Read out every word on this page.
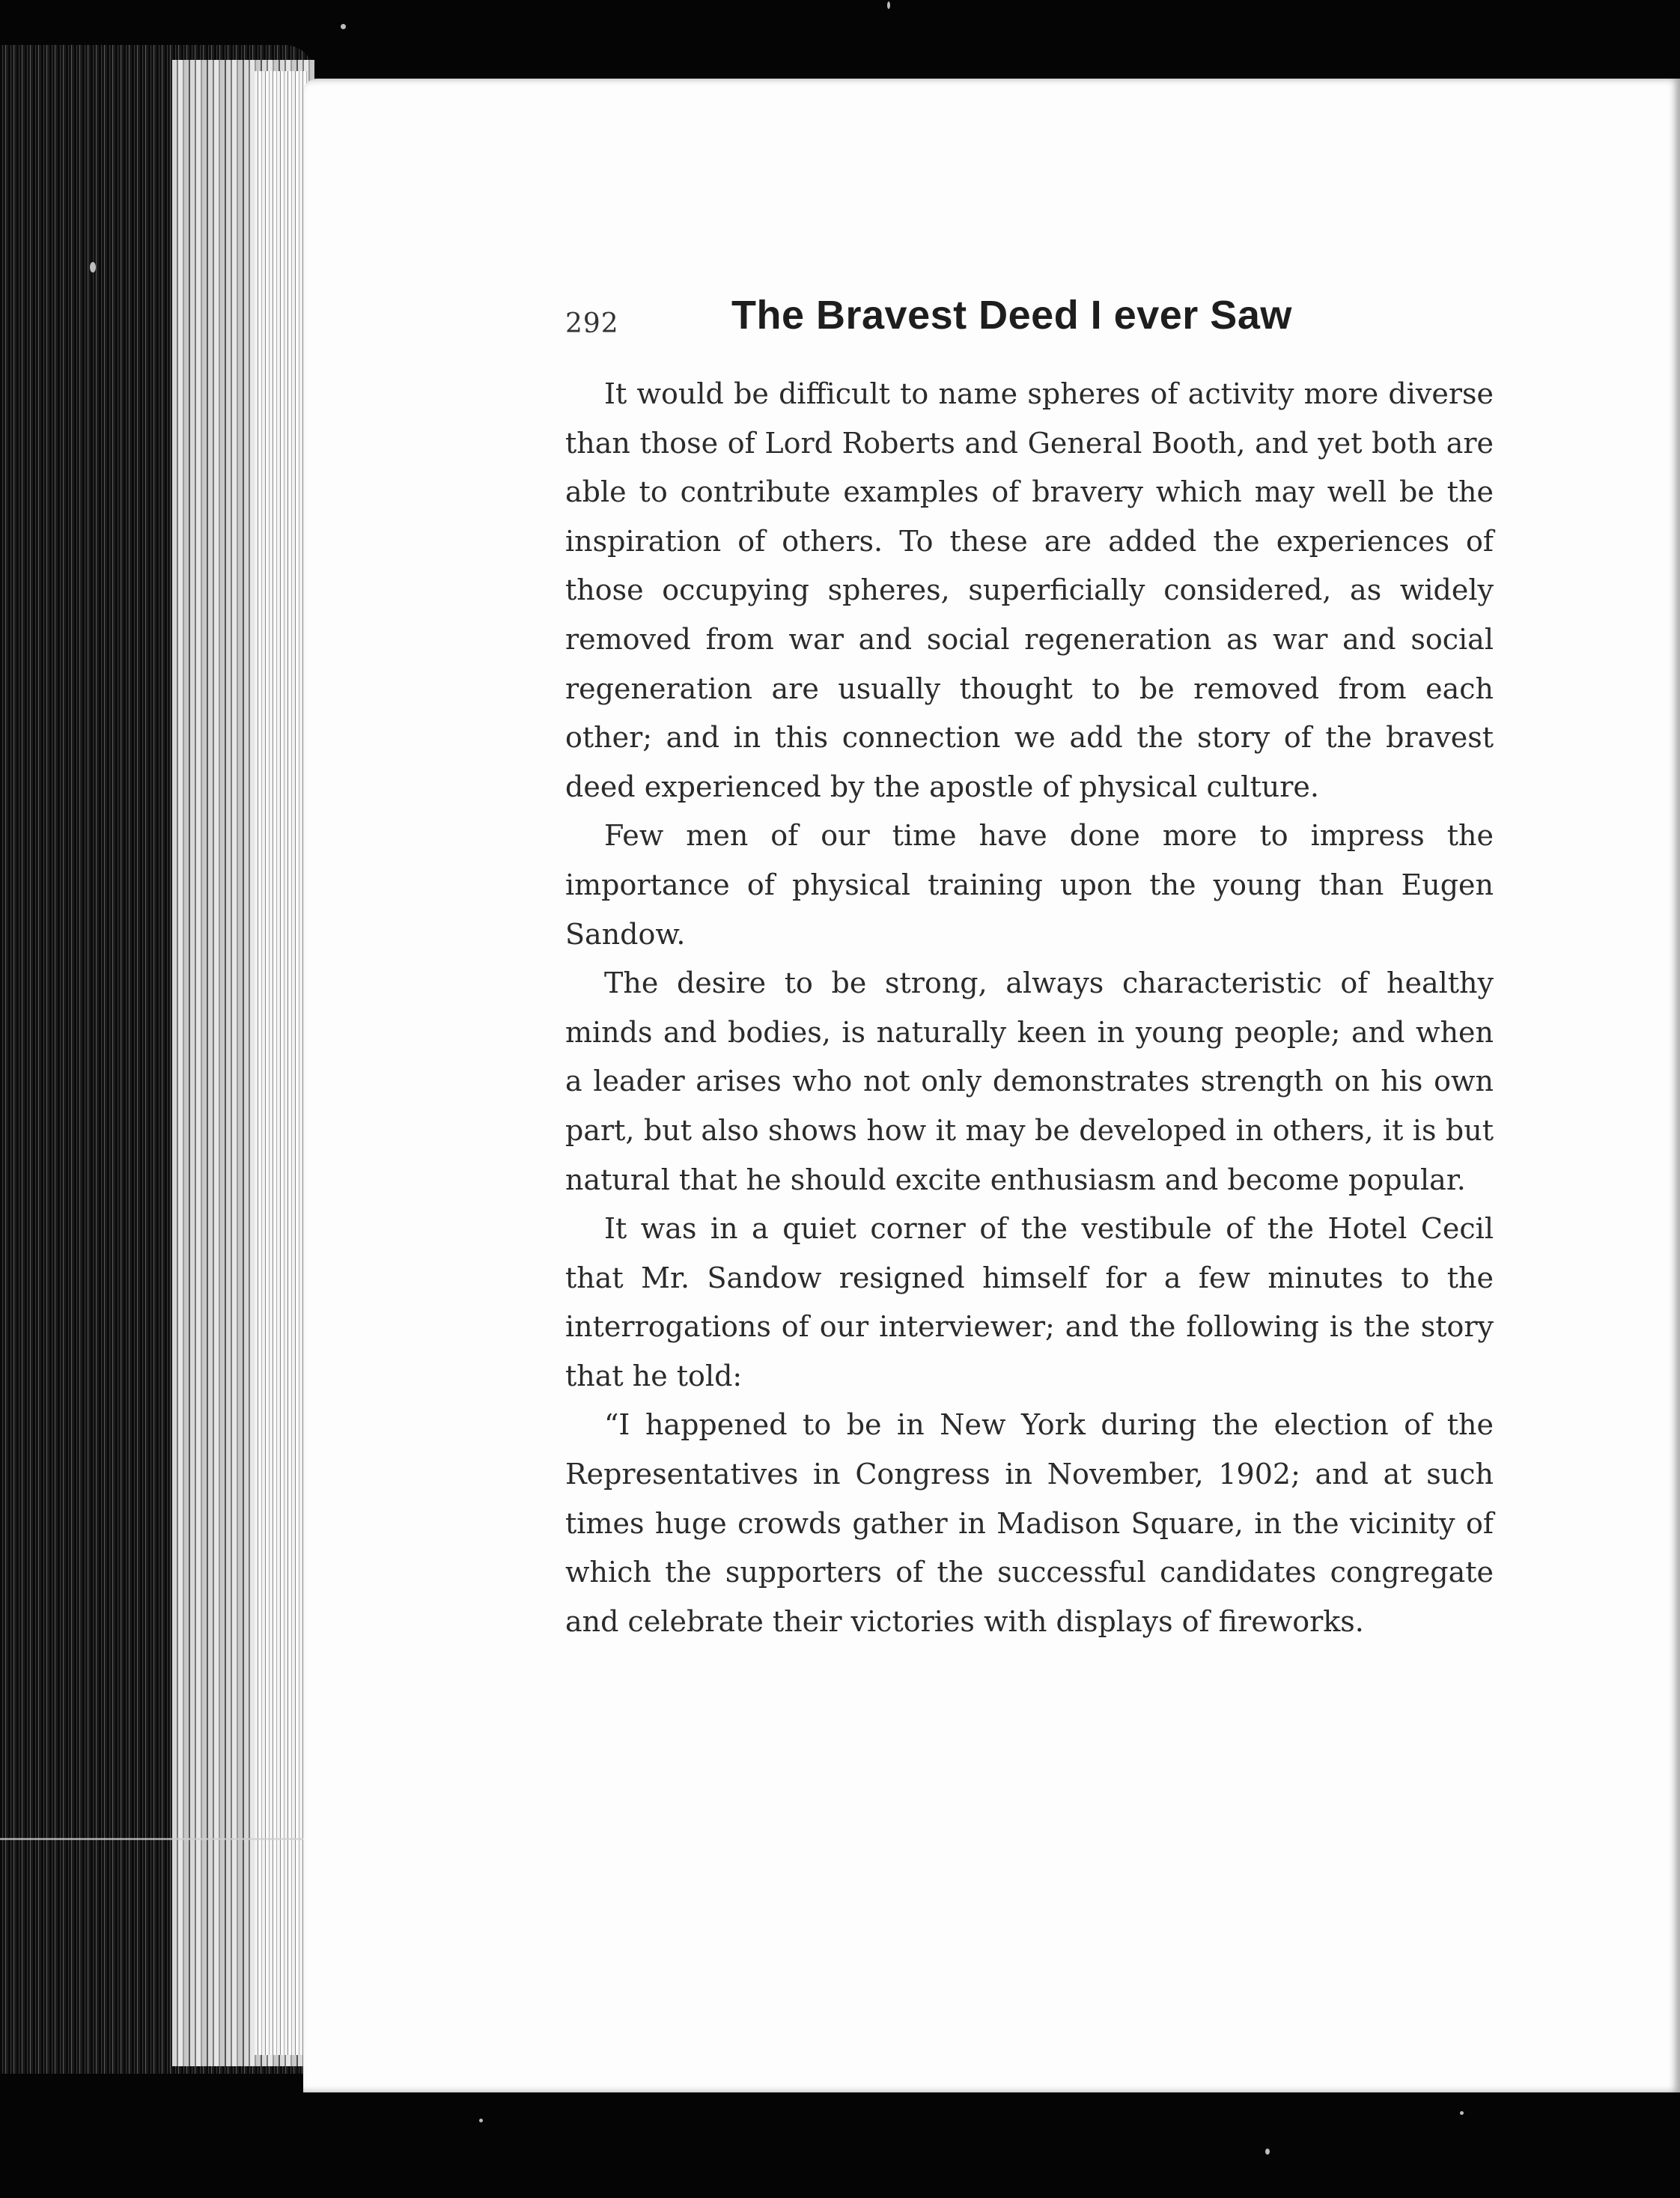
292	The Bravest Deed I ever Saw

It would be difficult to name spheres of activity more diverse than those of Lord Roberts and General Booth, and yet both are able to contribute examples of bravery which may well be the inspiration of others. To these are added the experiences of those occupying spheres, superficially considered, as widely removed from war and social regeneration as war and social regeneration are usually thought to be removed from each other; and in this connection we add the story of the bravest deed experienced by the apostle of physical culture.

Few men of our time have done more to impress the importance of physical training upon the young than Eugen Sandow.

The desire to be strong, always characteristic of healthy minds and bodies, is naturally keen in young people; and when a leader arises who not only demonstrates strength on his own part, but also shows how it may be developed in others, it is but natural that he should excite enthusiasm and become popular.

It was in a quiet corner of the vestibule of the Hotel Cecil that Mr. Sandow resigned himself for a few minutes to the interrogations of our interviewer; and the following is the story that he told:

“I happened to be in New York during the election of the Representatives in Congress in November, 1902; and at such times huge crowds gather in Madison Square, in the vicinity of which the supporters of the successful candidates congregate and celebrate their victories with displays of fireworks.
